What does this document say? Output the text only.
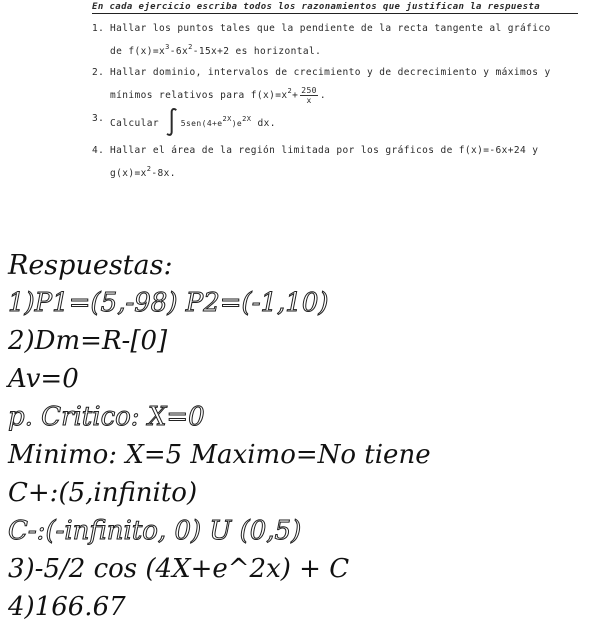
En cada ejercicio escriba todos los razonamientos que justifican la respuesta
1. Hallar los puntos tales que la pendiente de la recta tangente al gráfico
de $f(x)=x^3-6x^2-15x+2$ es horizontal.
2. Hallar dominio, intervalos de crecimiento y de decrecimiento y máximos y
mínimos relativos para $f(x)=x^2+ \frac{250}{x}$ .
3. Calcular ∫ $5sen(4+e^{2X})e^{2X}$ dx.
4. Hallar el área de la región limitada por los gráficos de f(x)=-6x+24 y
$g(x)=x^2-8x$.
Respuestas:
1)P1=(5,-98) P2=(-1,10)
2)Dm=R-[0]
Av=0
p. Critico: X=0
Minimo: X=5 Maximo=No tiene
C+:(5,infinito)
C-:(-infinito, 0) U (0,5)
3)-5/2 cos (4X+e^2x) + C
4)166.67
